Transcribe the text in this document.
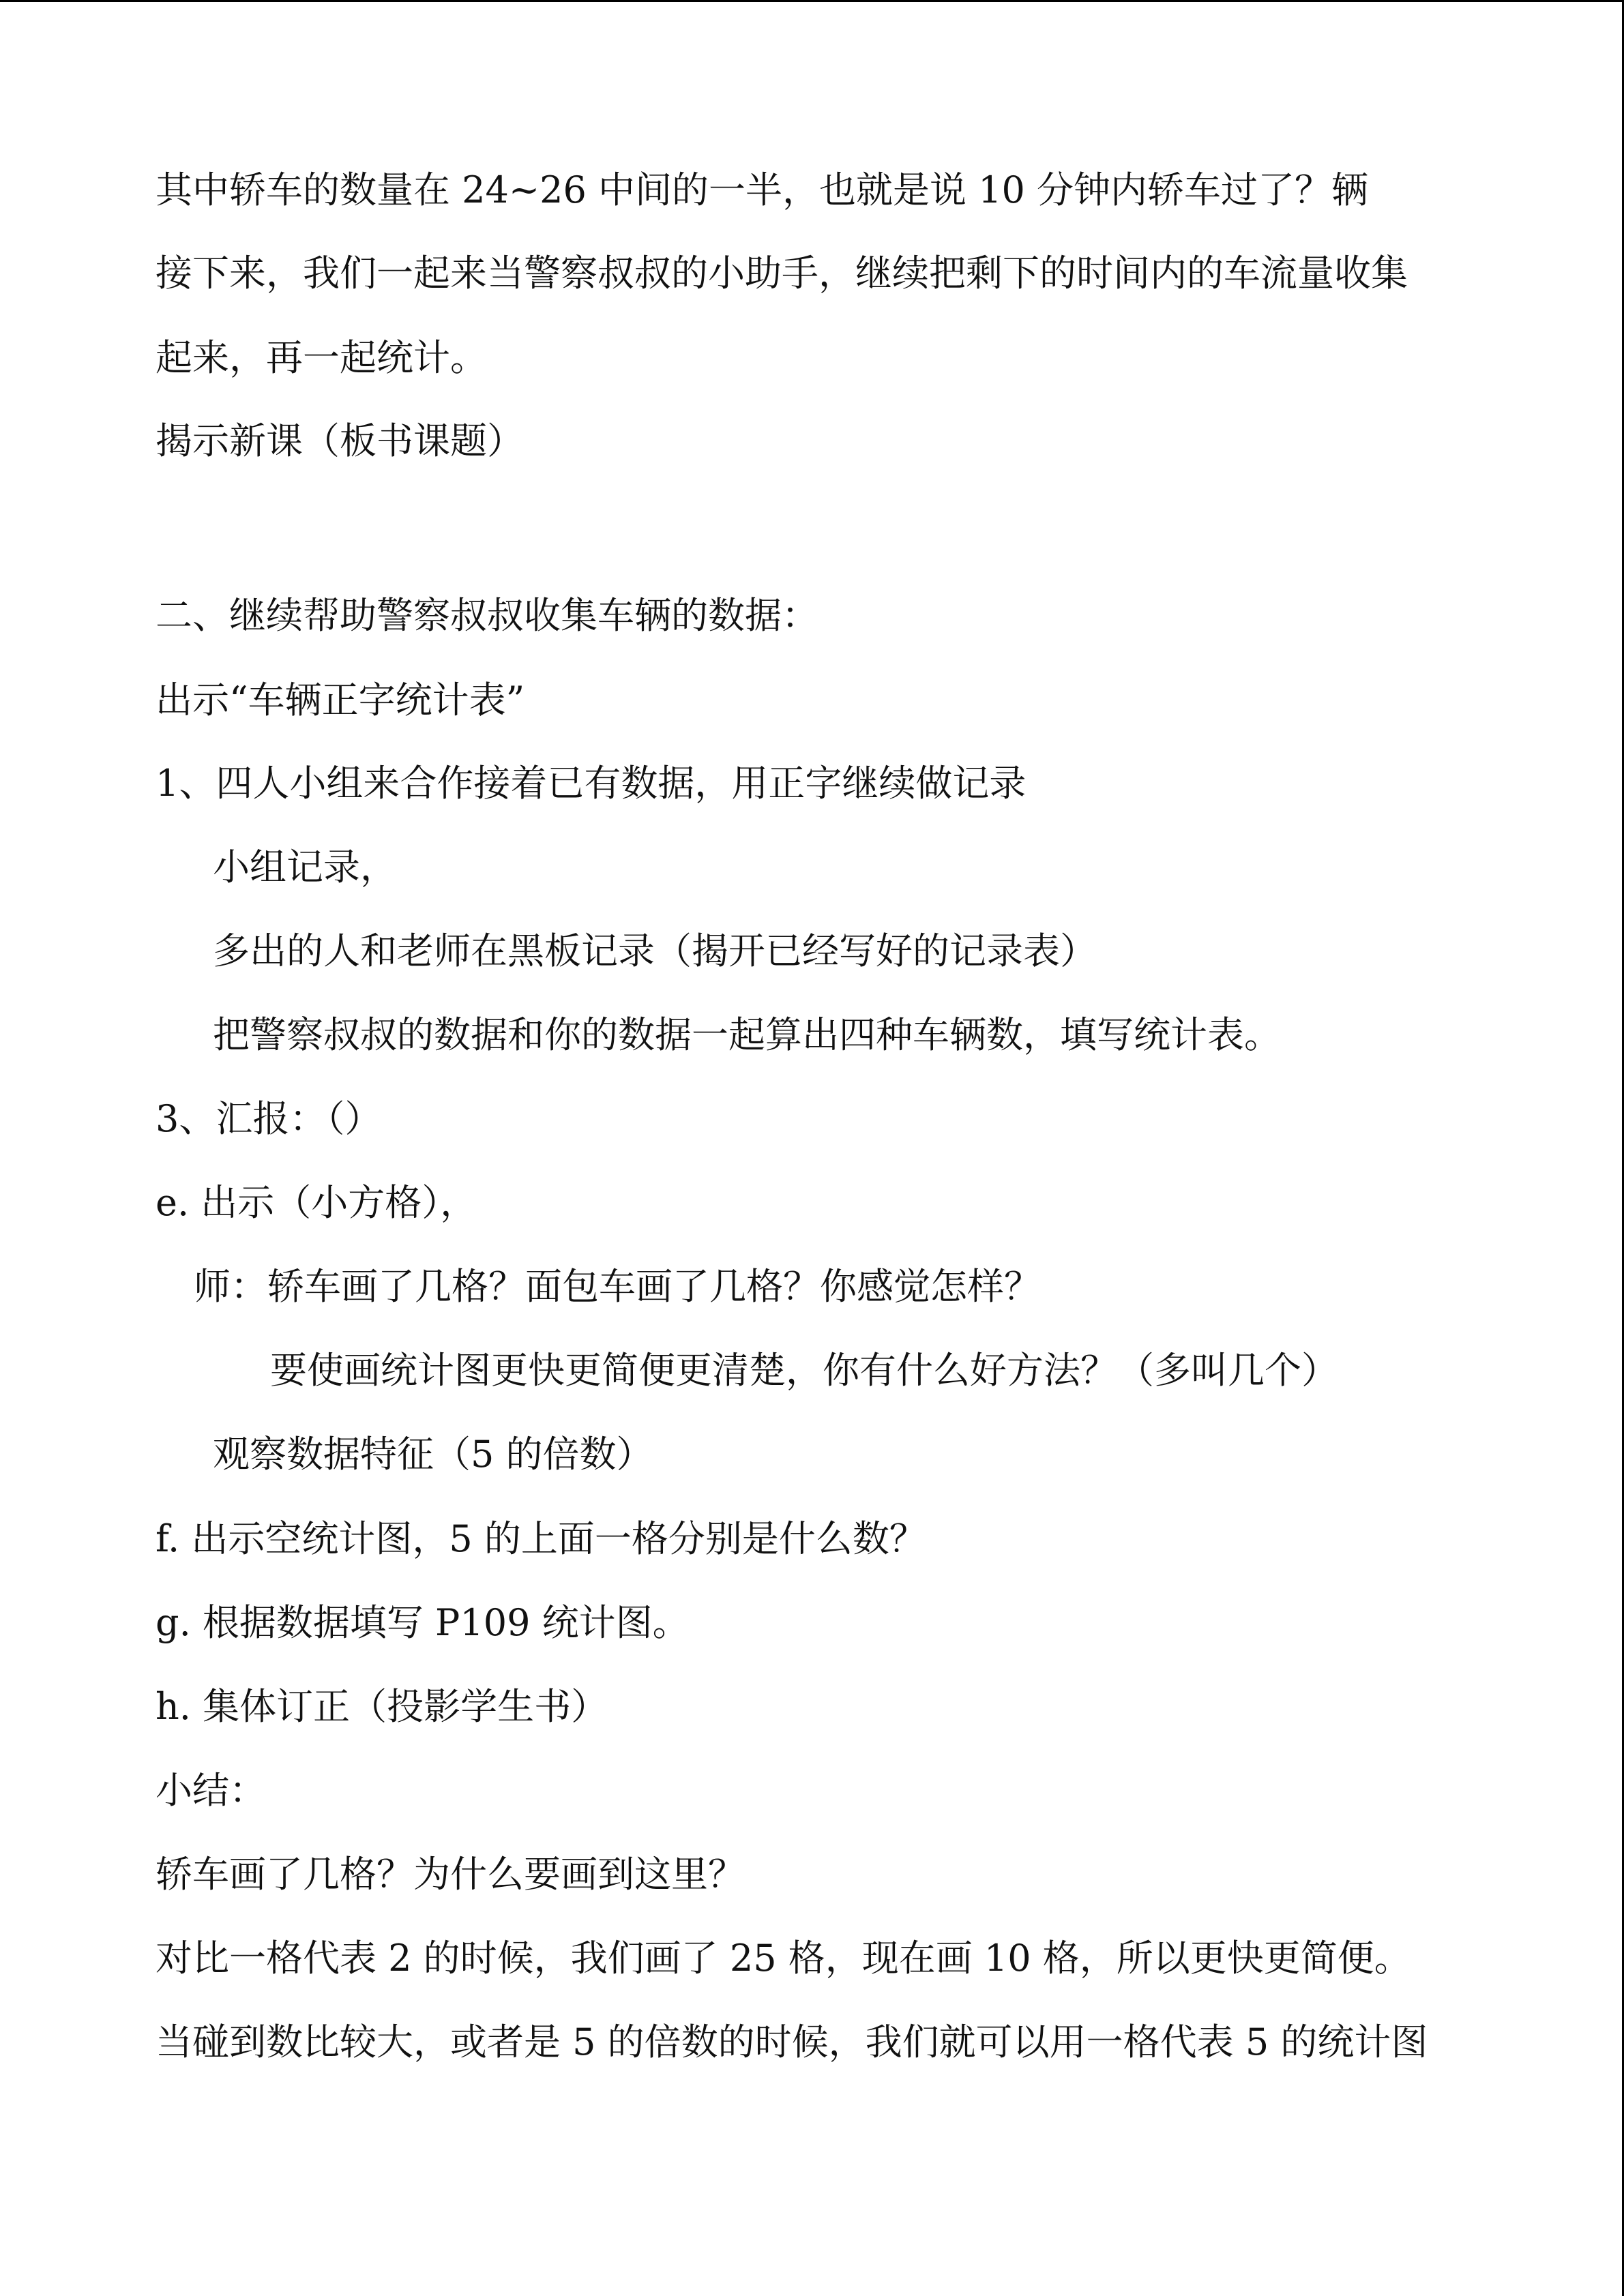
其中轿车的数量在 24~26 中间的一半，也就是说 10 分钟内轿车过了？辆
接下来，我们一起来当警察叔叔的小助手，继续把剩下的时间内的车流量收集
起来，再一起统计。
揭示新课（板书课题）
二、继续帮助警察叔叔收集车辆的数据：
出示“车辆正字统计表”
1、四人小组来合作接着已有数据，用正字继续做记录
小组记录，
多出的人和老师在黑板记录（揭开已经写好的记录表）
把警察叔叔的数据和你的数据一起算出四种车辆数，填写统计表。
3、汇报：（）
e. 出示（小方格），
师：轿车画了几格？面包车画了几格？你感觉怎样？
要使画统计图更快更简便更清楚，你有什么好方法？（多叫几个）
观察数据特征（5 的倍数）
f. 出示空统计图，5 的上面一格分别是什么数？
g. 根据数据填写 P109 统计图。
h. 集体订正（投影学生书）
小结：
轿车画了几格？为什么要画到这里？
对比一格代表 2 的时候，我们画了 25 格，现在画 10 格，所以更快更简便。
当碰到数比较大，或者是 5 的倍数的时候，我们就可以用一格代表 5 的统计图
